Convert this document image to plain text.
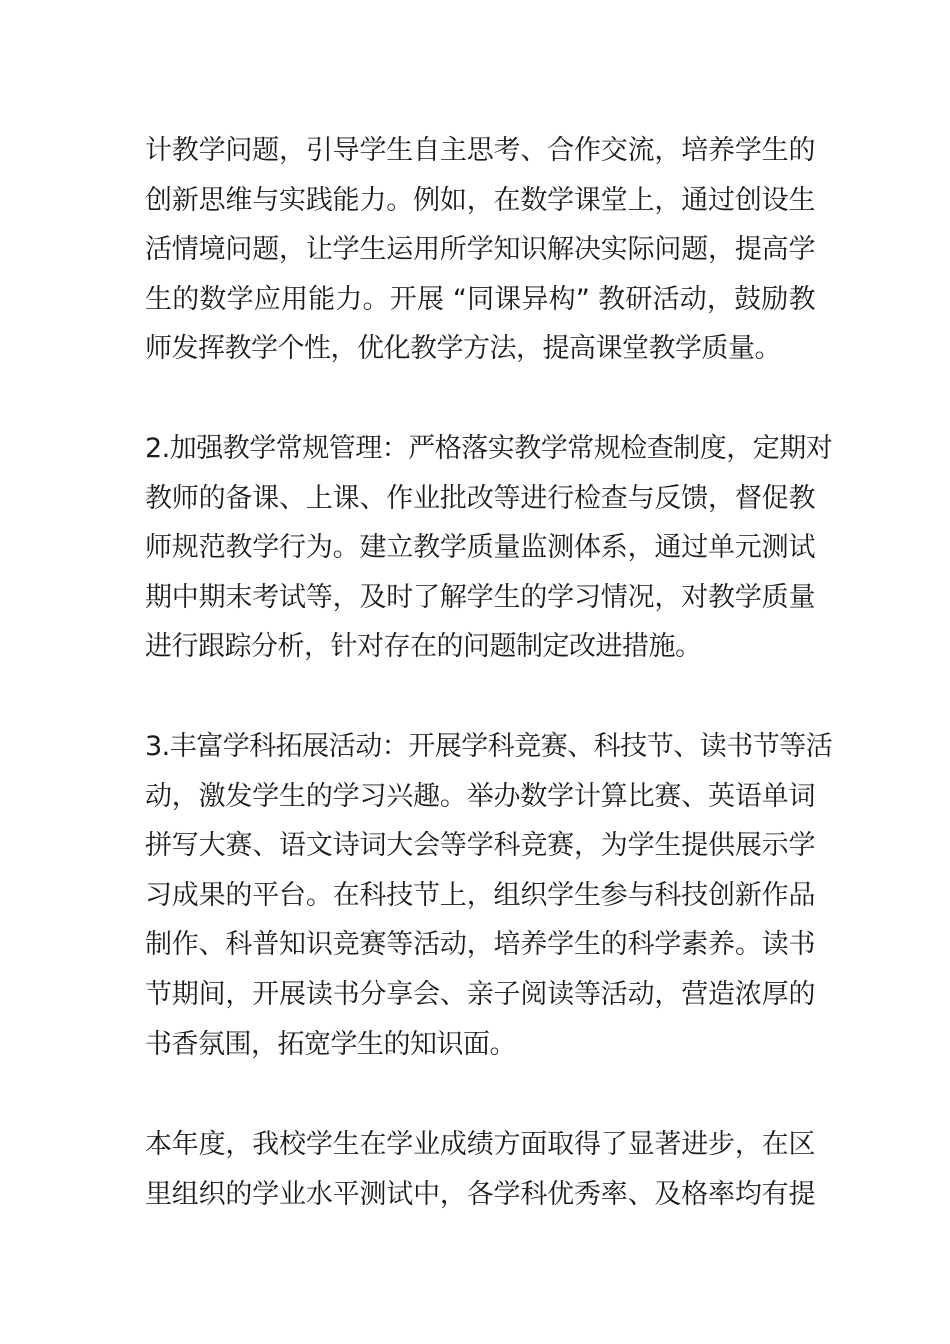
计教学问题，引导学生自主思考、合作交流，培养学生的
创新思维与实践能力。例如，在数学课堂上，通过创设生
活情境问题，让学生运用所学知识解决实际问题，提高学
生的数学应用能力。开展 “同课异构” 教研活动，鼓励教
师发挥教学个性，优化教学方法，提高课堂教学质量。

2.加强教学常规管理：严格落实教学常规检查制度，定期对
教师的备课、上课、作业批改等进行检查与反馈，督促教
师规范教学行为。建立教学质量监测体系，通过单元测试
期中期末考试等，及时了解学生的学习情况，对教学质量
进行跟踪分析，针对存在的问题制定改进措施。

3.丰富学科拓展活动：开展学科竞赛、科技节、读书节等活
动，激发学生的学习兴趣。举办数学计算比赛、英语单词
拼写大赛、语文诗词大会等学科竞赛，为学生提供展示学
习成果的平台。在科技节上，组织学生参与科技创新作品
制作、科普知识竞赛等活动，培养学生的科学素养。读书
节期间，开展读书分享会、亲子阅读等活动，营造浓厚的
书香氛围，拓宽学生的知识面。

本年度，我校学生在学业成绩方面取得了显著进步，在区
里组织的学业水平测试中，各学科优秀率、及格率均有提
